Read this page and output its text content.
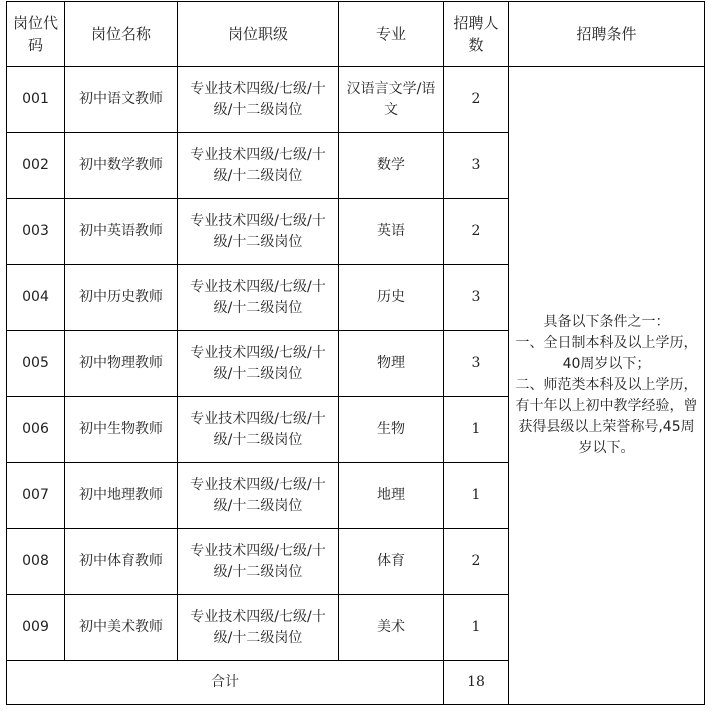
岗位代码	岗位名称	岗位职级	专业	招聘人数	招聘条件
001	初中语文教师	专业技术四级/七级/十级/十二级岗位	汉语言文学/语文	2	具备以下条件之一：
一、全日制本科及以上学历， 40周岁以下；
二、师范类本科及以上学历，有十年以上初中教学经验，曾获得县级以上荣誉称号,45周岁以下。

002	初中数学教师	专业技术四级/七级/十级/十二级岗位	数学	3	
003	初中英语教师	专业技术四级/七级/十级/十二级岗位	英语	2	
004	初中历史教师	专业技术四级/七级/十级/十二级岗位	历史	3	
005	初中物理教师	专业技术四级/七级/十级/十二级岗位	物理	3	
006	初中生物教师	专业技术四级/七级/十级/十二级岗位	生物	1	
007	初中地理教师	专业技术四级/七级/十级/十二级岗位	地理	1	
008	初中体育教师	专业技术四级/七级/十级/十二级岗位	体育	2	
009	初中美术教师	专业技术四级/七级/十级/十二级岗位	美术	1	
合计				18	
